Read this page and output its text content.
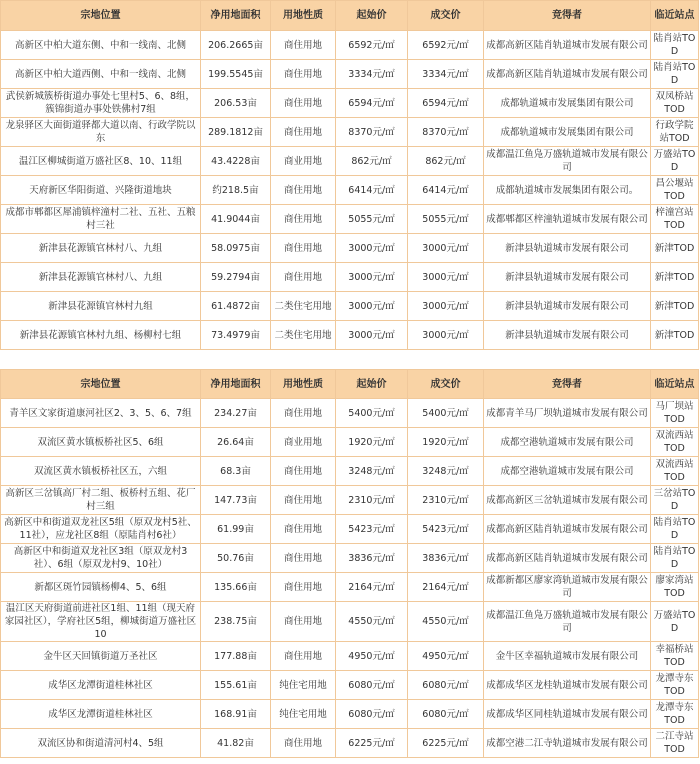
宗地位置	净用地面积	用地性质	起始价	成交价	竞得者	临近站点
高新区中柏大道东侧、中和一线南、北侧	206.2665亩	商住用地	6592元/㎡	6592元/㎡	成都高新区陆肖轨道城市发展有限公司	陆肖站TOD
高新区中柏大道西侧、中和一线南、北侧	199.5545亩	商住用地	3334元/㎡	3334元/㎡	成都高新区陆肖轨道城市发展有限公司	陆肖站TOD
武侯新城簇桥街道办事处七里村5、6、8组，簇锦街道办事处铁佛村7组	206.53亩	商住用地	6594元/㎡	6594元/㎡	成都轨道城市发展集团有限公司	双凤桥站TOD
龙泉驿区大面街道驿都大道以南、行政学院以东	289.1812亩	商住用地	8370元/㎡	8370元/㎡	成都轨道城市发展集团有限公司	行政学院站TOD
温江区柳城街道万盛社区8、10、11组	43.4228亩	商业用地	862元/㎡	862元/㎡	成都温江鱼凫万盛轨道城市发展有限公司	万盛站TOD
天府新区华阳街道、兴隆街道地块	约218.5亩	商住用地	6414元/㎡	6414元/㎡	成都轨道城市发展集团有限公司。	昌公堰站TOD
成都市郫都区犀浦镇梓潼村二社、五社、五粮村三社	41.9044亩	商住用地	5055元/㎡	5055元/㎡	成都郫都区梓潼轨道城市发展有限公司	梓潼宫站TOD
新津县花源镇官林村八、九组	58.0975亩	商住用地	3000元/㎡	3000元/㎡	新津县轨道城市发展有限公司	新津TOD
新津县花源镇官林村八、九组	59.2794亩	商住用地	3000元/㎡	3000元/㎡	新津县轨道城市发展有限公司	新津TOD
新津县花源镇官林村九组	61.4872亩	二类住宅用地	3000元/㎡	3000元/㎡	新津县轨道城市发展有限公司	新津TOD
新津县花源镇官林村九组、杨柳村七组	73.4979亩	二类住宅用地	3000元/㎡	3000元/㎡	新津县轨道城市发展有限公司	新津TOD
宗地位置	净用地面积	用地性质	起始价	成交价	竞得者	临近站点
青羊区文家街道康河社区2、3、5、6、7组	234.27亩	商住用地	5400元/㎡	5400元/㎡	成都青羊马厂坝轨道城市发展有限公司	马厂坝站TOD
双流区黄水镇板桥社区5、6组	26.64亩	商业用地	1920元/㎡	1920元/㎡	成都空港轨道城市发展有限公司	双流西站TOD
双流区黄水镇板桥社区五，六组	68.3亩	商住用地	3248元/㎡	3248元/㎡	成都空港轨道城市发展有限公司	双流西站TOD
高新区三岔镇高厂村二组、板桥村五组、花厂村三组	147.73亩	商住用地	2310元/㎡	2310元/㎡	成都高新区三岔轨道城市发展有限公司	三岔站TOD
高新区中和街道双龙社区5组（原双龙村5社、11社），应龙社区8组（原陆肖村6社）	61.99亩	商住用地	5423元/㎡	5423元/㎡	成都高新区陆肖轨道城市发展有限公司	陆肖站TOD
高新区中和街道双龙社区3组（原双龙村3社）、6组（原双龙村9、10社）	50.76亩	商住用地	3836元/㎡	3836元/㎡	成都高新区陆肖轨道城市发展有限公司	陆肖站TOD
新都区斑竹园镇杨柳4、5、6组	135.66亩	商住用地	2164元/㎡	2164元/㎡	成都新都区廖家湾轨道城市发展有限公司	廖家湾站TOD
温江区天府街道前进社区1组、11组（现天府家园社区），学府社区5组，柳城街道万盛社区10	238.75亩	商住用地	4550元/㎡	4550元/㎡	成都温江鱼凫万盛轨道城市发展有限公司	万盛站TOD
金牛区天回镇街道万圣社区	177.88亩	商住用地	4950元/㎡	4950元/㎡	金牛区幸福轨道城市发展有限公司	幸福桥站TOD
成华区龙潭街道桂林社区	155.61亩	纯住宅用地	6080元/㎡	6080元/㎡	成都成华区龙桂轨道城市发展有限公司	龙潭寺东TOD
成华区龙潭街道桂林社区	168.91亩	纯住宅用地	6080元/㎡	6080元/㎡	成都成华区同桂轨道城市发展有限公司	龙潭寺东TOD
双流区协和街道清河村4、5组	41.82亩	商住用地	6225元/㎡	6225元/㎡	成都空港二江寺轨道城市发展有限公司	二江寺站TOD
